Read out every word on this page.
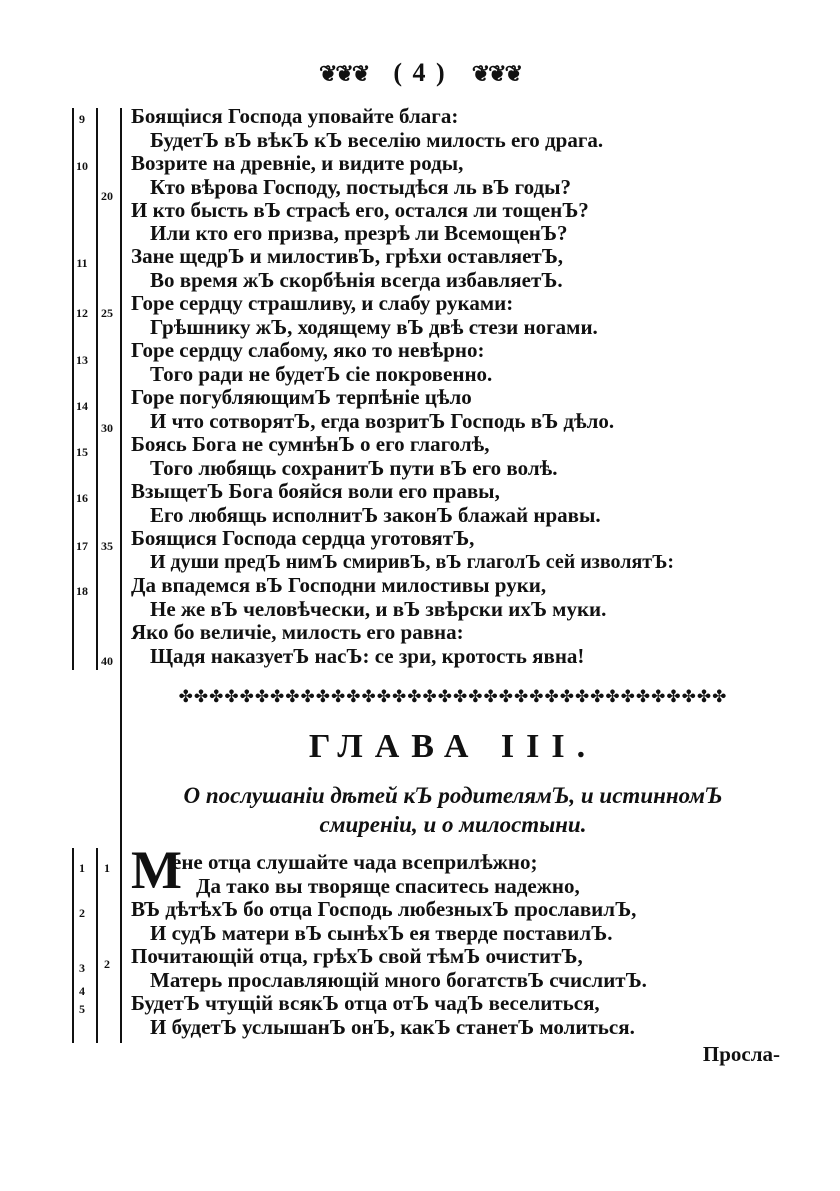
❦❦❦ ( 4 ) ❦❦❦
9
10
11
12
13
14
15
16
17
18
20
25
30
35
40
Боящіися Господа уповайте блага:
БудетЪ вЪ вѣкЪ кЪ веселію милость его драга.
Возрите на древніе, и видите роды,
Кто вѣрова Господу, постыдѣся ль вЪ годы?
И кто бысть вЪ страсѣ его, остался ли тощенЪ?
Или кто его призва, презрѣ ли ВсемощенЪ?
Зане щедрЪ и милостивЪ, грѣхи оставляетЪ,
Во время жЪ скорбѣнія всегда избавляетЪ.
Горе сердцу страшливу, и слабу руками:
Грѣшнику жЪ, ходящему вЪ двѣ стези ногами.
Горе сердцу слабому, яко то невѣрно:
Того ради не будетЪ сіе покровенно.
Горе погубляющимЪ терпѣніе цѣло
И что сотворятЪ, егда возритЪ Господь вЪ дѣло.
Боясь Бога не сумнѣнЪ о его глаголѣ,
Того любящь сохранитЪ пути вЪ его волѣ.
ВзыщетЪ Бога бояйся воли его правы,
Его любящь исполнитЪ законЪ блажай нравы.
Боящися Господа сердца уготовятЪ,
И души предЪ нимЪ смиривЪ, вЪ глаголЪ сей изволятЪ:
Да впадемся вЪ Господни милостивы руки,
Не же вЪ человѣчески, и вЪ звѣрски ихЪ муки.
Яко бо величіе, милость его равна:
Щадя наказуетЪ насЪ: се зри, кротость явна!
✤✤✤✤✤✤✤✤✤✤✤✤✤✤✤✤✤✤✤✤✤✤✤✤✤✤✤✤✤✤✤✤✤✤✤✤
ГЛАВА III.
О послушаніи дѣтей кЪ родителямЪ, и истинномЪ
смиреніи, и о милостыни.
1
2
3
4
5
1
2
М
ене отца слушайте чада всеприлѣжно;
Да тако вы творяще спаситесь надежно,
ВЪ дѣтѣхЪ бо отца Господь любезныхЪ прославилЪ,
И судЪ матери вЪ сынѣхЪ ея тверде поставилЪ.
Почитающій отца, грѣхЪ свой тѣмЪ очиститЪ,
Матерь прославляющій много богатствЪ счислитЪ.
БудетЪ чтущій всякЪ отца отЪ чадЪ веселиться,
И будетЪ услышанЪ онЪ, какЪ станетЪ молиться.
Просла-
